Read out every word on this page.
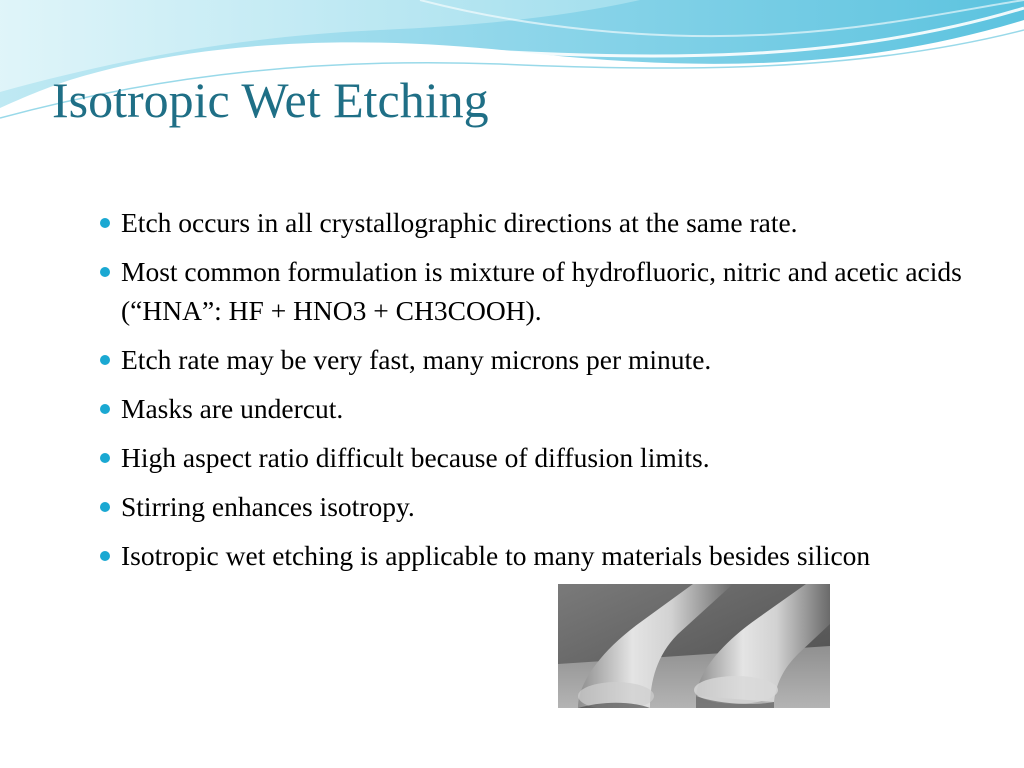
Isotropic Wet Etching
Etch occurs in all crystallographic directions at the same rate.
Most common formulation is mixture of hydrofluoric, nitric and acetic acids (“HNA”: HF + HNO3 + CH3COOH).
Etch rate may be very fast, many microns per minute.
Masks are undercut.
High aspect ratio difficult because of diffusion limits.
Stirring enhances isotropy.
Isotropic wet etching is applicable to many materials besides silicon
